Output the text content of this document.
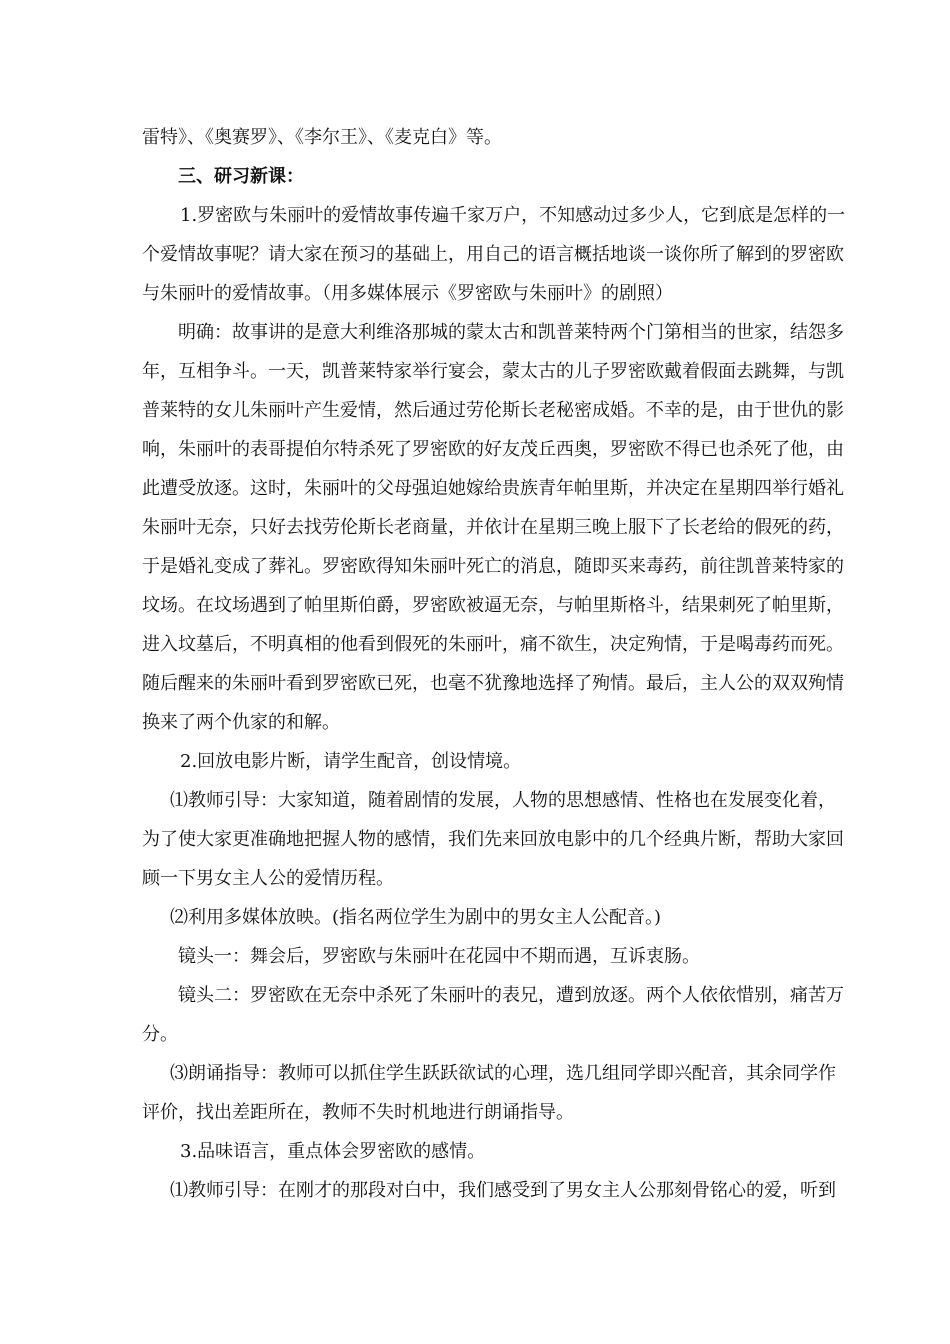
雷特》、《奥赛罗》、《李尔王》、《麦克白》等。

三、研习新课：

1.罗密欧与朱丽叶的爱情故事传遍千家万户，不知感动过多少人，它到底是怎样的一

个爱情故事呢？请大家在预习的基础上，用自己的语言概括地谈一谈你所了解到的罗密欧

与朱丽叶的爱情故事。（用多媒体展示《罗密欧与朱丽叶》的剧照）

明确：故事讲的是意大利维洛那城的蒙太古和凯普莱特两个门第相当的世家，结怨多

年，互相争斗。一天，凯普莱特家举行宴会，蒙太古的儿子罗密欧戴着假面去跳舞，与凯

普莱特的女儿朱丽叶产生爱情，然后通过劳伦斯长老秘密成婚。不幸的是，由于世仇的影

响，朱丽叶的表哥提伯尔特杀死了罗密欧的好友茂丘西奥，罗密欧不得已也杀死了他，由

此遭受放逐。这时，朱丽叶的父母强迫她嫁给贵族青年帕里斯，并决定在星期四举行婚礼

朱丽叶无奈，只好去找劳伦斯长老商量，并依计在星期三晚上服下了长老给的假死的药，

于是婚礼变成了葬礼。罗密欧得知朱丽叶死亡的消息，随即买来毒药，前往凯普莱特家的

坟场。在坟场遇到了帕里斯伯爵，罗密欧被逼无奈，与帕里斯格斗，结果刺死了帕里斯，

进入坟墓后，不明真相的他看到假死的朱丽叶，痛不欲生，决定殉情，于是喝毒药而死。

随后醒来的朱丽叶看到罗密欧已死，也毫不犹豫地选择了殉情。最后，主人公的双双殉情

换来了两个仇家的和解。

2.回放电影片断，请学生配音，创设情境。

⑴教师引导：大家知道，随着剧情的发展，人物的思想感情、性格也在发展变化着，

为了使大家更准确地把握人物的感情，我们先来回放电影中的几个经典片断，帮助大家回

顾一下男女主人公的爱情历程。

⑵利用多媒体放映。(指名两位学生为剧中的男女主人公配音。)

镜头一：舞会后，罗密欧与朱丽叶在花园中不期而遇，互诉衷肠。

镜头二：罗密欧在无奈中杀死了朱丽叶的表兄，遭到放逐。两个人依依惜别，痛苦万

分。

⑶朗诵指导：教师可以抓住学生跃跃欲试的心理，选几组同学即兴配音，其余同学作

评价，找出差距所在，教师不失时机地进行朗诵指导。

3.品味语言，重点体会罗密欧的感情。

⑴教师引导：在刚才的那段对白中，我们感受到了男女主人公那刻骨铭心的爱，听到
